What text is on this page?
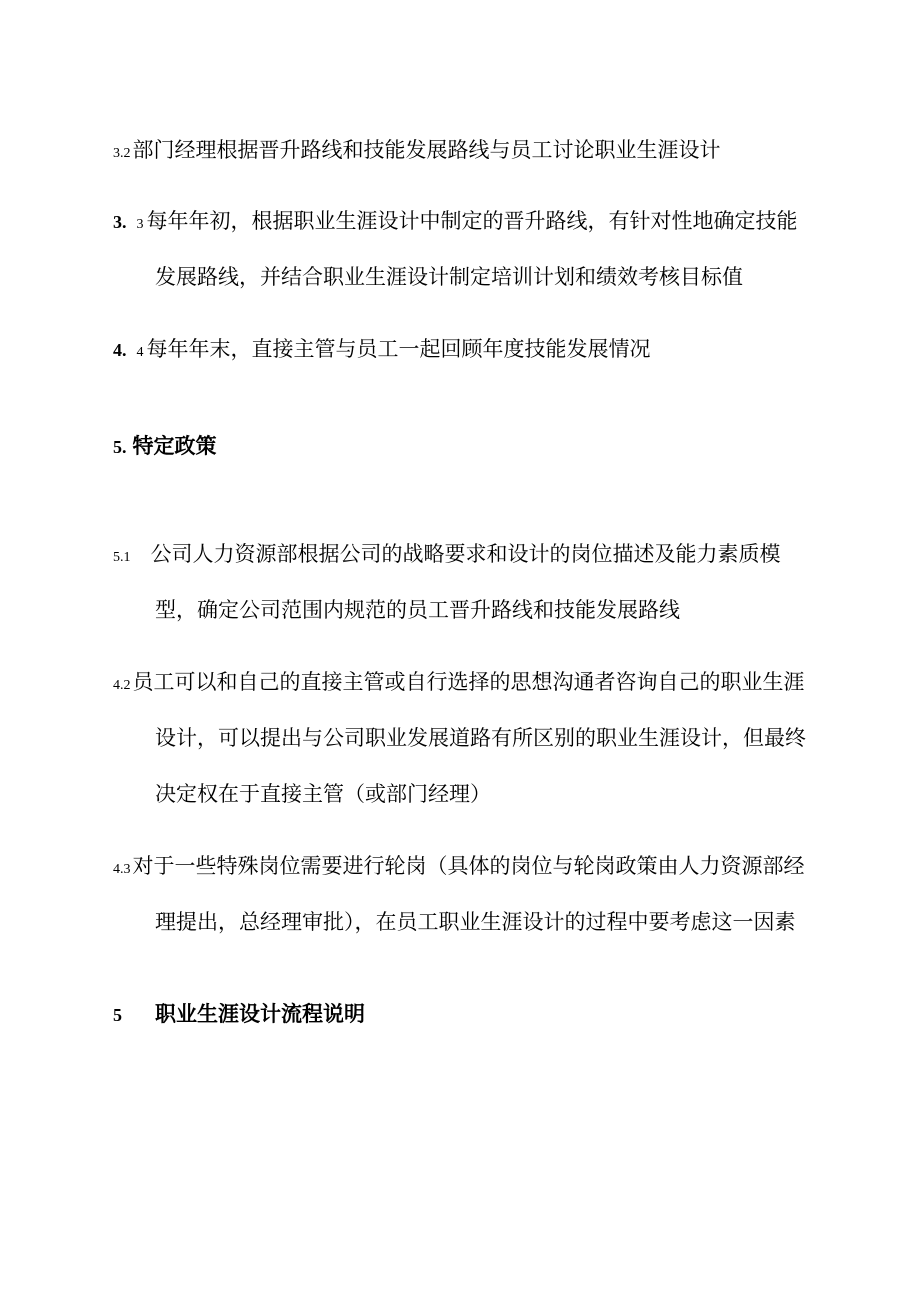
3.2部门经理根据晋升路线和技能发展路线与员工讨论职业生涯设计
3. 3 每年年初，根据职业生涯设计中制定的晋升路线，有针对性地确定技能
发展路线，并结合职业生涯设计制定培训计划和绩效考核目标值
4. 4 每年年末，直接主管与员工一起回顾年度技能发展情况
5. 特定政策
5.1 公司人力资源部根据公司的战略要求和设计的岗位描述及能力素质模
型，确定公司范围内规范的员工晋升路线和技能发展路线
4.2员工可以和自己的直接主管或自行选择的思想沟通者咨询自己的职业生涯
设计，可以提出与公司职业发展道路有所区别的职业生涯设计，但最终
决定权在于直接主管（或部门经理）
4.3对于一些特殊岗位需要进行轮岗（具体的岗位与轮岗政策由人力资源部经
理提出，总经理审批），在员工职业生涯设计的过程中要考虑这一因素
5 职业生涯设计流程说明
